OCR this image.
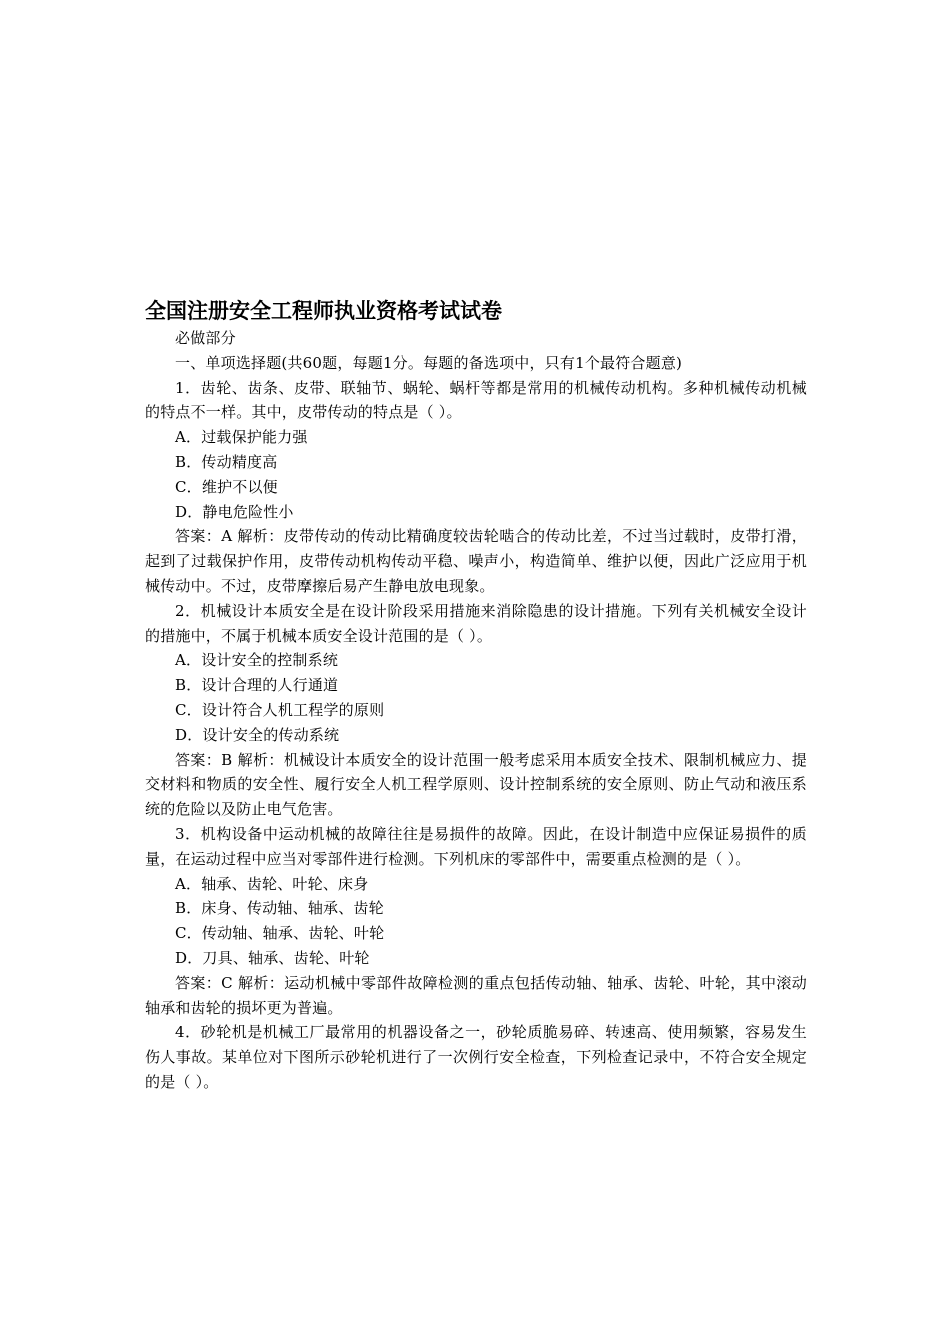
全国注册安全工程师执业资格考试试卷

必做部分

一、单项选择题(共60题，每题1分。每题的备选项中，只有1个最符合题意)

1．齿轮、齿条、皮带、联轴节、蜗轮、蜗杆等都是常用的机械传动机构。多种机械传动机械的特点不一样。其中，皮带传动的特点是（ ）。

A．过载保护能力强

B．传动精度高

C．维护不以便

D．静电危险性小

答案：A 解析：皮带传动的传动比精确度较齿轮啮合的传动比差，不过当过载时，皮带打滑，起到了过载保护作用，皮带传动机构传动平稳、噪声小，构造简单、维护以便，因此广泛应用于机械传动中。不过，皮带摩擦后易产生静电放电现象。

2．机械设计本质安全是在设计阶段采用措施来消除隐患的设计措施。下列有关机械安全设计的措施中，不属于机械本质安全设计范围的是（ ）。

A．设计安全的控制系统

B．设计合理的人行通道

C．设计符合人机工程学的原则

D．设计安全的传动系统

答案：B 解析：机械设计本质安全的设计范围一般考虑采用本质安全技术、限制机械应力、提交材料和物质的安全性、履行安全人机工程学原则、设计控制系统的安全原则、防止气动和液压系统的危险以及防止电气危害。

3．机构设备中运动机械的故障往往是易损件的故障。因此，在设计制造中应保证易损件的质量，在运动过程中应当对零部件进行检测。下列机床的零部件中，需要重点检测的是（ ）。

A．轴承、齿轮、叶轮、床身

B．床身、传动轴、轴承、齿轮

C．传动轴、轴承、齿轮、叶轮

D．刀具、轴承、齿轮、叶轮

答案：C 解析：运动机械中零部件故障检测的重点包括传动轴、轴承、齿轮、叶轮，其中滚动轴承和齿轮的损坏更为普遍。

4．砂轮机是机械工厂最常用的机器设备之一，砂轮质脆易碎、转速高、使用频繁，容易发生伤人事故。某单位对下图所示砂轮机进行了一次例行安全检查，下列检查记录中，不符合安全规定的是（ ）。
